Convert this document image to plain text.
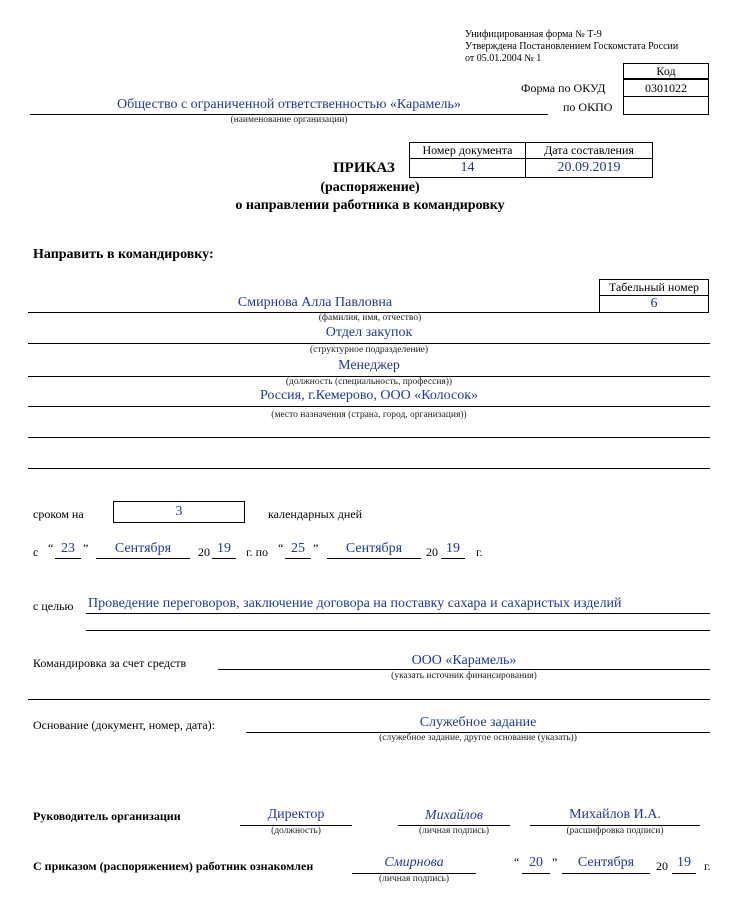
Унифицированная форма № Т-9
Утверждена Постановлением Госкомстата России
от 05.01.2004 № 1
Код
Форма по ОКУД	0301022
по ОКПО
Общество с ограниченной ответственностью «Карамель»
(наименование организации)
Номер документа	Дата составления
14	20.09.2019
ПРИКАЗ
(распоряжение)
о направлении работника в командировку
Направить в командировку:
Табельный номер
6
Смирнова Алла Павловна
(фамилия, имя, отчество)
Отдел закупок
(структурное подразделение)
Менеджер
(должность (специальность, профессия))
Россия, г.Кемерово, ООО «Колосок»
(место назначения (страна, город, организация))
сроком на	3	календарных дней
с “ 23 ”	Сентября	20 19	г. по “ 25 ”	Сентября	20 19	г.
с целью Проведение переговоров, заключение договора на поставку сахара и сахаристых изделий
Командировка за счет средств	ООО «Карамель»
(указать источник финансирования)
Основание (документ, номер, дата):	Служебное задание
(служебное задание, другое основание (указать))
Руководитель организации	Директор
(должность)
Михайлов
(личная подпись)
Михайлов И.А.
(расшифровка подписи)
С приказом (распоряжением) работник ознакомлен	Смирнова
(личная подпись)
“ 20 ”	Сентября	20 19	г.
